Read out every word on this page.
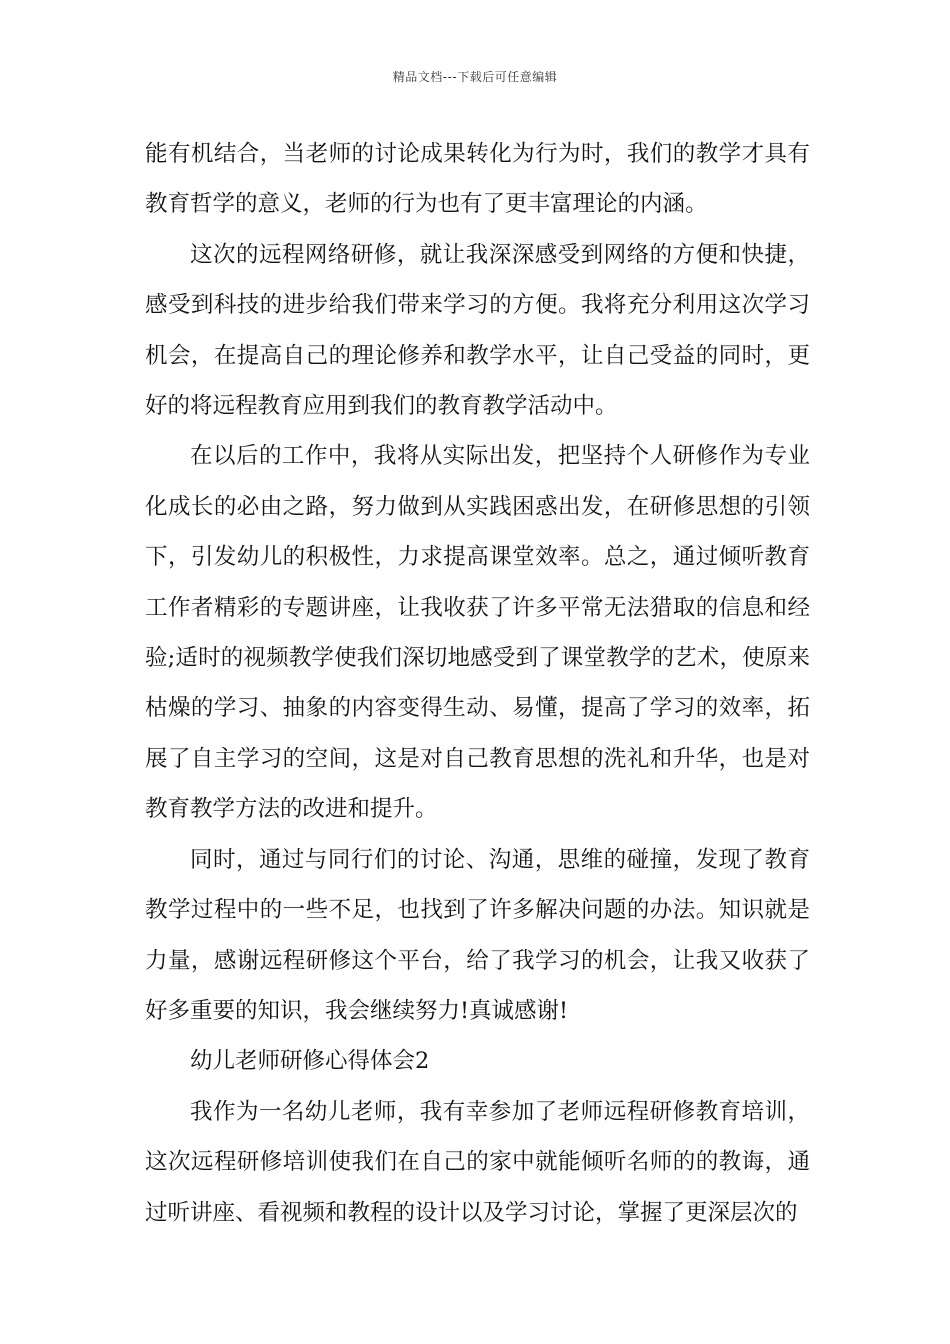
精品文档---下载后可任意编辑

能有机结合，当老师的讨论成果转化为行为时，我们的教学才具有教育哲学的意义，老师的行为也有了更丰富理论的内涵。

这次的远程网络研修，就让我深深感受到网络的方便和快捷，感受到科技的进步给我们带来学习的方便。我将充分利用这次学习机会，在提高自己的理论修养和教学水平，让自己受益的同时，更好的将远程教育应用到我们的教育教学活动中。

在以后的工作中，我将从实际出发，把坚持个人研修作为专业化成长的必由之路，努力做到从实践困惑出发，在研修思想的引领下，引发幼儿的积极性，力求提高课堂效率。总之，通过倾听教育工作者精彩的专题讲座，让我收获了许多平常无法猎取的信息和经验;适时的视频教学使我们深切地感受到了课堂教学的艺术，使原来枯燥的学习、抽象的内容变得生动、易懂，提高了学习的效率，拓展了自主学习的空间，这是对自己教育思想的洗礼和升华，也是对教育教学方法的改进和提升。

同时，通过与同行们的讨论、沟通，思维的碰撞，发现了教育教学过程中的一些不足，也找到了许多解决问题的办法。知识就是力量，感谢远程研修这个平台，给了我学习的机会，让我又收获了好多重要的知识，我会继续努力!真诚感谢!

幼儿老师研修心得体会2

我作为一名幼儿老师，我有幸参加了老师远程研修教育培训，这次远程研修培训使我们在自己的家中就能倾听名师的的教诲，通过听讲座、看视频和教程的设计以及学习讨论，掌握了更深层次的
